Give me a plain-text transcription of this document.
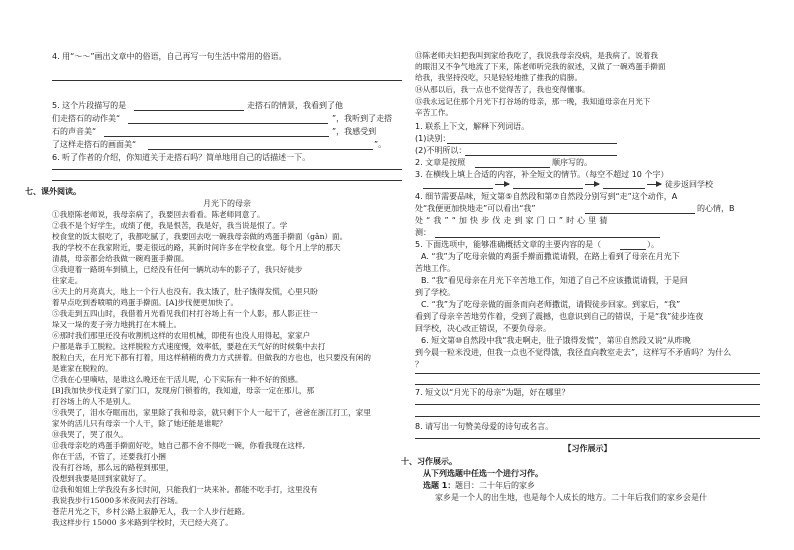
4. 用“～～”画出文章中的俗语，自己再写一句生活中常用的俗语。
5. 这个片段描写的是	走搭石的情景，我看到了他
们走搭石的动作美“	”，我听到了走搭
石的声音美“	”，我感受到
了这样走搭石的画面美“	”。
6. 听了作者的介绍，你知道关于走搭石吗？简单地用自己的话描述一下。
七、课外阅读。
月光下的母亲
①我原陈老师说，我母亲病了，我要回去看看。陈老师同意了。
②我不是个好学生，成绩了便，我是恨苦，我是好，我当说是恨了。学
校食堂的饭太很吃了，我都吃腻了，我要回去吃一碗我母亲做的鸡蛋手擀面（gǎn）面。
我的学校不在我家附近，要走很远的路，其新时间许多在学校食堂。每个月上学的那天
清晨，母亲都会给我做一碗鸡蛋手擀面。
③我迎着一路斑车到镇上，已经没有任何一辆坑动车的影子了，我只好徒步
往家走。
④天上的月亮真大，地上一个行人也没有。我太饿了，肚子饿得发慌，心里只盼
着早点吃到香喷喷的鸡蛋手擀面。[A]步伐便更加快了。
⑤我走到五四山时，我借着月光看见我们村打谷场上有一个人影，那人影正往一
垛又一垛的麦子旁力地挑打在木桶上。
⑥那时我们那里还没有收割机这样的农用机械，即使有也没人用得起，家家户
户都是靠手工脱粒。这样脱粒方式速度慢，效率低，要趁在天气好的时候集中去打
脱粒白天，在月光下都有打着，用这样稍稍的费力方式拼着。但做我的方也也，也只要没有闲的
是谁家在脱粒的。
⑦我在心里嘀咕，是谁这么晚还在干活儿呢，心下实际有一种不好的预感。
[B]我加快步伐走到了家门口，发现房门锁着的，我知道，母亲一定在那儿，那
打谷场上的人不是别人。
⑨我哭了，泪水夺眶而出，家里除了我和母亲，就只剩下个人一起干了，爸爸在浙江打工，家里
家外的活儿只有母亲一个人干，除了她还能是谁呢？
⑩我哭了，哭了很久。
⑪我母亲吃的鸡蛋手擀面好吃，她自己都不舍不得吃一碗，你看我现在这样,
你在干活，不管了，还要我打小捆
没有打谷场，那么远的路程到那里，
没想到我要是回到家就好了。
⑫我和姐姐上学我没有多长时间，只能我们一块来补。都能不吃手打，这里没有
我说我步行15000多米夜间去打谷场。
苍茫月光之下，乡村公路上寂静无人，我一个人步行赶路。
我这样步行 15000 多米路到学校时，天已经大亮了。
⑬陈老师夫妇把我叫到家给我吃了，我说我母亲没病，是我病了。说着我
的眼泪又不争气地流了下来，陈老师听完我的叙述，又做了一碗鸡蛋手擀面
给我，我坚持没吃，只是轻轻地推了推我的肩膀。
⑭从那以后，我一点也不觉得苦了，我也变得懂事。
⑮我永远记住那个月光下打谷场的母亲，那一晚，我知道母亲在月光下
辛苦工作。
1. 联系上下文，解释下列词语。
(1)诀别：
(2)不明所以：
2. 文章是按照	顺序写的。
3. 在横线上填上合适的内容，补全短文的情节。（每空不超过 10 个字）
徒步返回学校
4. 细节需要品味，短文第⑤自然段和第⑦自然段分别写到“走”这个动作，A
处“我便更加快地走”可以看出“我”	的心情，B
处“我”“加快步伐走到家门口”时心里猜
测：
5. 下面选项中，能够准确概括文章的主要内容的是（	）。
A. “我”为了吃母亲做的鸡蛋手擀面撒谎请假，在路上看到了母亲在月光下
苦地工作。
B. “我”看见母亲在月光下辛苦地工作，知道了自己不应该撒谎请假，于是回
到了学校。
C. “我”为了吃母亲做的面条而向老师撒谎，请假徒步回家。到家后，“我”
看到了母亲辛苦地劳作着，受到了震撼，也意识到自己的错误，于是“我”徒步连夜
回学校，决心改正错误，不要负母亲。
6. 短文第⑩自然段中我“我走啊走，肚子饿得发慌”，第⑪自然段又说“从昨晚
到今晨一粒米没进，但我一点也不觉得饿，我径直向教室走去”，这样写不矛盾吗？为什么
？
7. 短文以“月光下的母亲”为题，好在哪里？
8. 请写出一句赞美母爱的诗句或名言。
【习作展示】
十、习作展示。
从下列选题中任选一个进行习作。
选题 1： 题目：二十年后的家乡
家乡是一个人的出生地，也是每个人成长的地方。二十年后我们的家乡会是什
